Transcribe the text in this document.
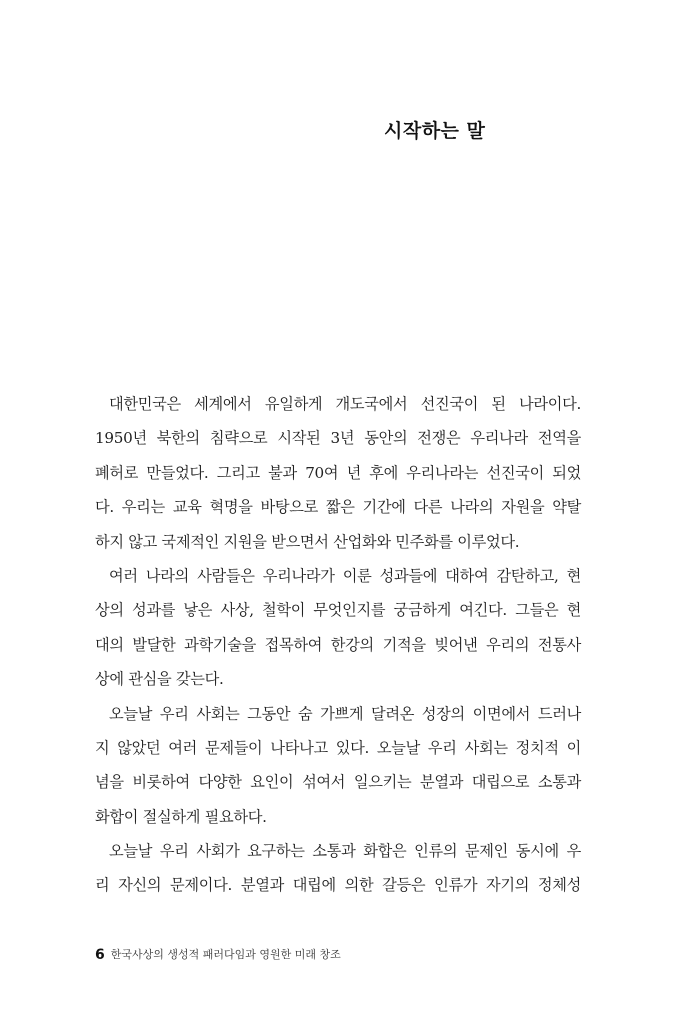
시작하는 말
대한민국은 세계에서 유일하게 개도국에서 선진국이 된 나라이다.
1950년 북한의 침략으로 시작된 3년 동안의 전쟁은 우리나라 전역을
폐허로 만들었다. 그리고 불과 70여 년 후에 우리나라는 선진국이 되었
다. 우리는 교육 혁명을 바탕으로 짧은 기간에 다른 나라의 자원을 약탈
하지 않고 국제적인 지원을 받으면서 산업화와 민주화를 이루었다.
여러 나라의 사람들은 우리나라가 이룬 성과들에 대하여 감탄하고, 현
상의 성과를 낳은 사상, 철학이 무엇인지를 궁금하게 여긴다. 그들은 현
대의 발달한 과학기술을 접목하여 한강의 기적을 빚어낸 우리의 전통사
상에 관심을 갖는다.
오늘날 우리 사회는 그동안 숨 가쁘게 달려온 성장의 이면에서 드러나
지 않았던 여러 문제들이 나타나고 있다. 오늘날 우리 사회는 정치적 이
념을 비롯하여 다양한 요인이 섞여서 일으키는 분열과 대립으로 소통과
화합이 절실하게 필요하다.
오늘날 우리 사회가 요구하는 소통과 화합은 인류의 문제인 동시에 우
리 자신의 문제이다. 분열과 대립에 의한 갈등은 인류가 자기의 정체성
6 한국사상의 생성적 패러다임과 영원한 미래 창조
